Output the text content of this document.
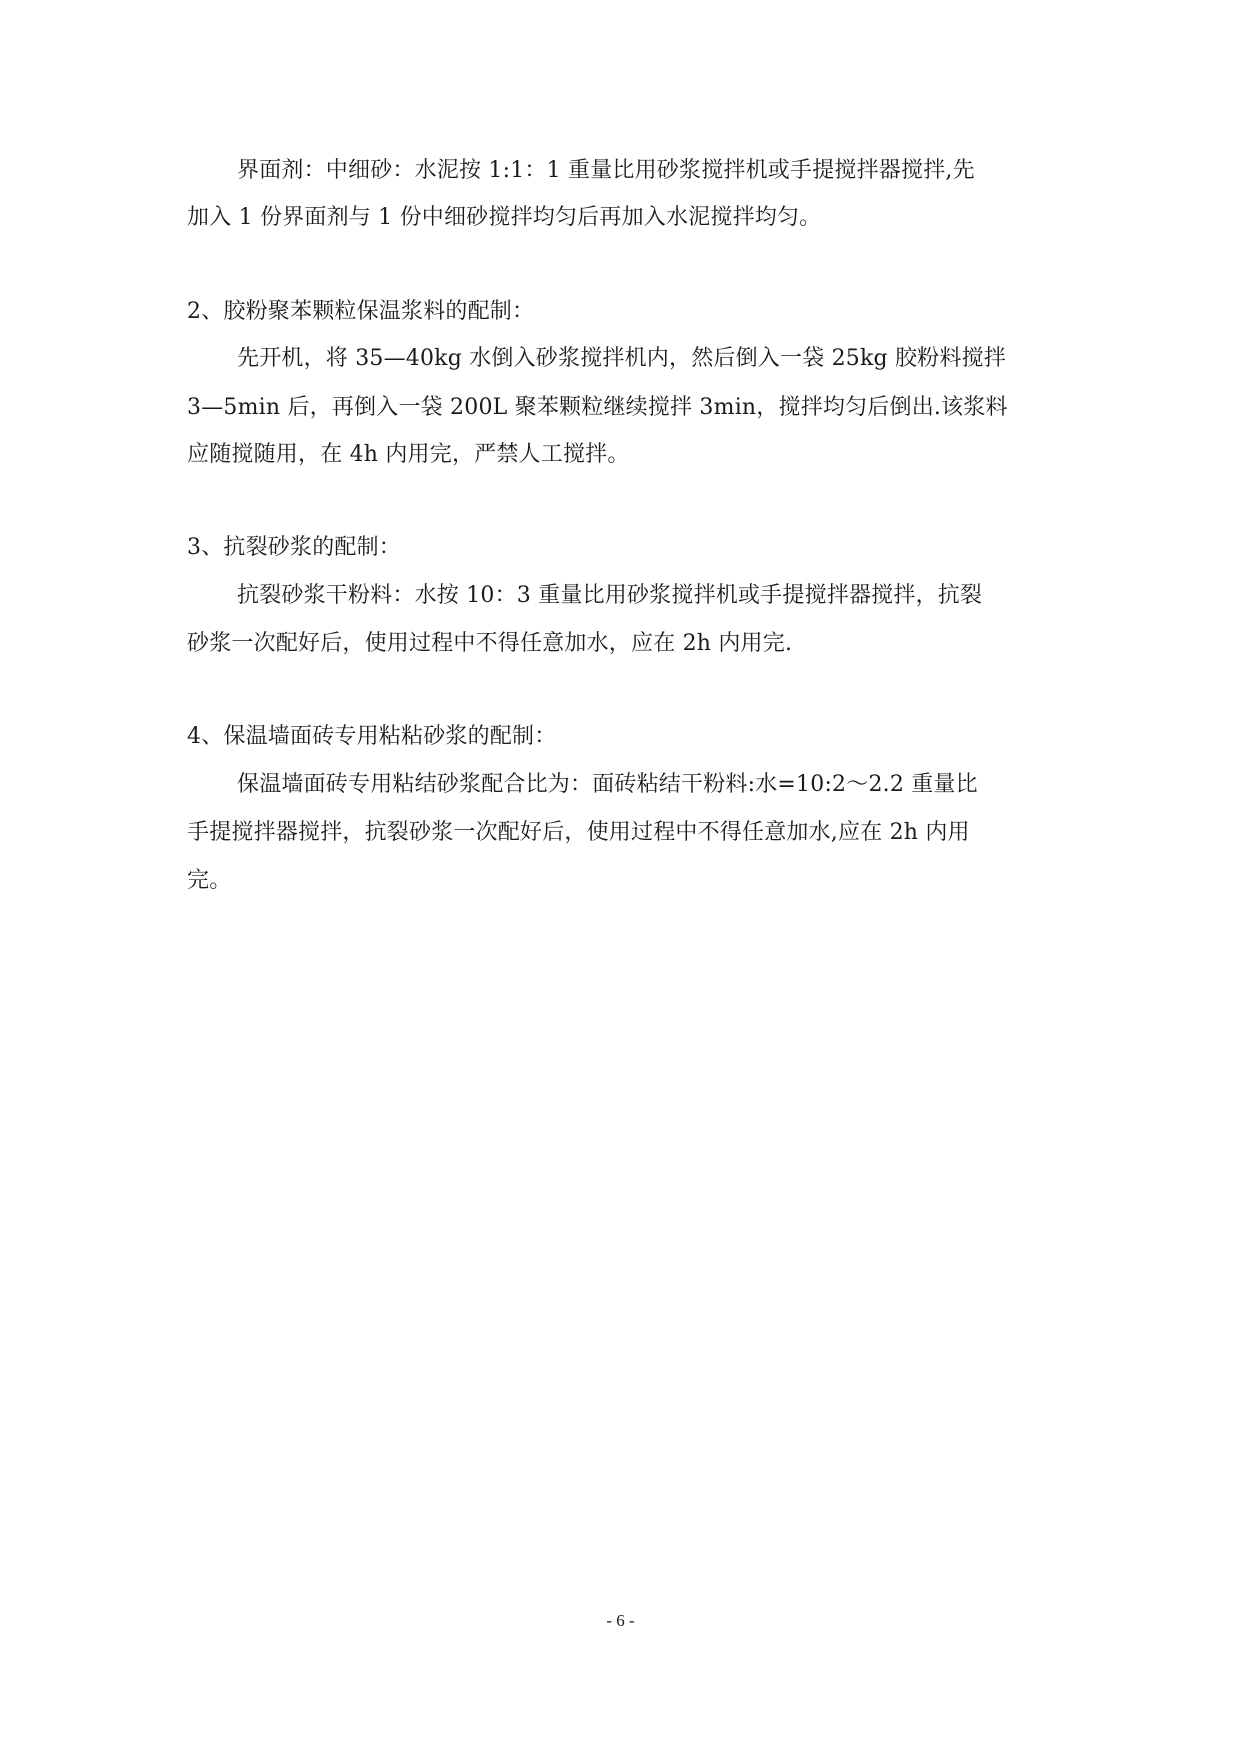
界面剂：中细砂：水泥按 1:1：1 重量比用砂浆搅拌机或手提搅拌器搅拌,先
加入 1 份界面剂与 1 份中细砂搅拌均匀后再加入水泥搅拌均匀。
2、胶粉聚苯颗粒保温浆料的配制：
先开机，将 35—40kg 水倒入砂浆搅拌机内，然后倒入一袋 25kg 胶粉料搅拌
3—5min 后，再倒入一袋 200L 聚苯颗粒继续搅拌 3min，搅拌均匀后倒出.该浆料
应随搅随用，在 4h 内用完，严禁人工搅拌。
3、抗裂砂浆的配制：
抗裂砂浆干粉料：水按 10：3 重量比用砂浆搅拌机或手提搅拌器搅拌，抗裂
砂浆一次配好后，使用过程中不得任意加水，应在 2h 内用完.
4、保温墙面砖专用粘粘砂浆的配制：
保温墙面砖专用粘结砂浆配合比为：面砖粘结干粉料:水=10:2～2.2 重量比
手提搅拌器搅拌，抗裂砂浆一次配好后，使用过程中不得任意加水,应在 2h 内用
完。
- 6 -
